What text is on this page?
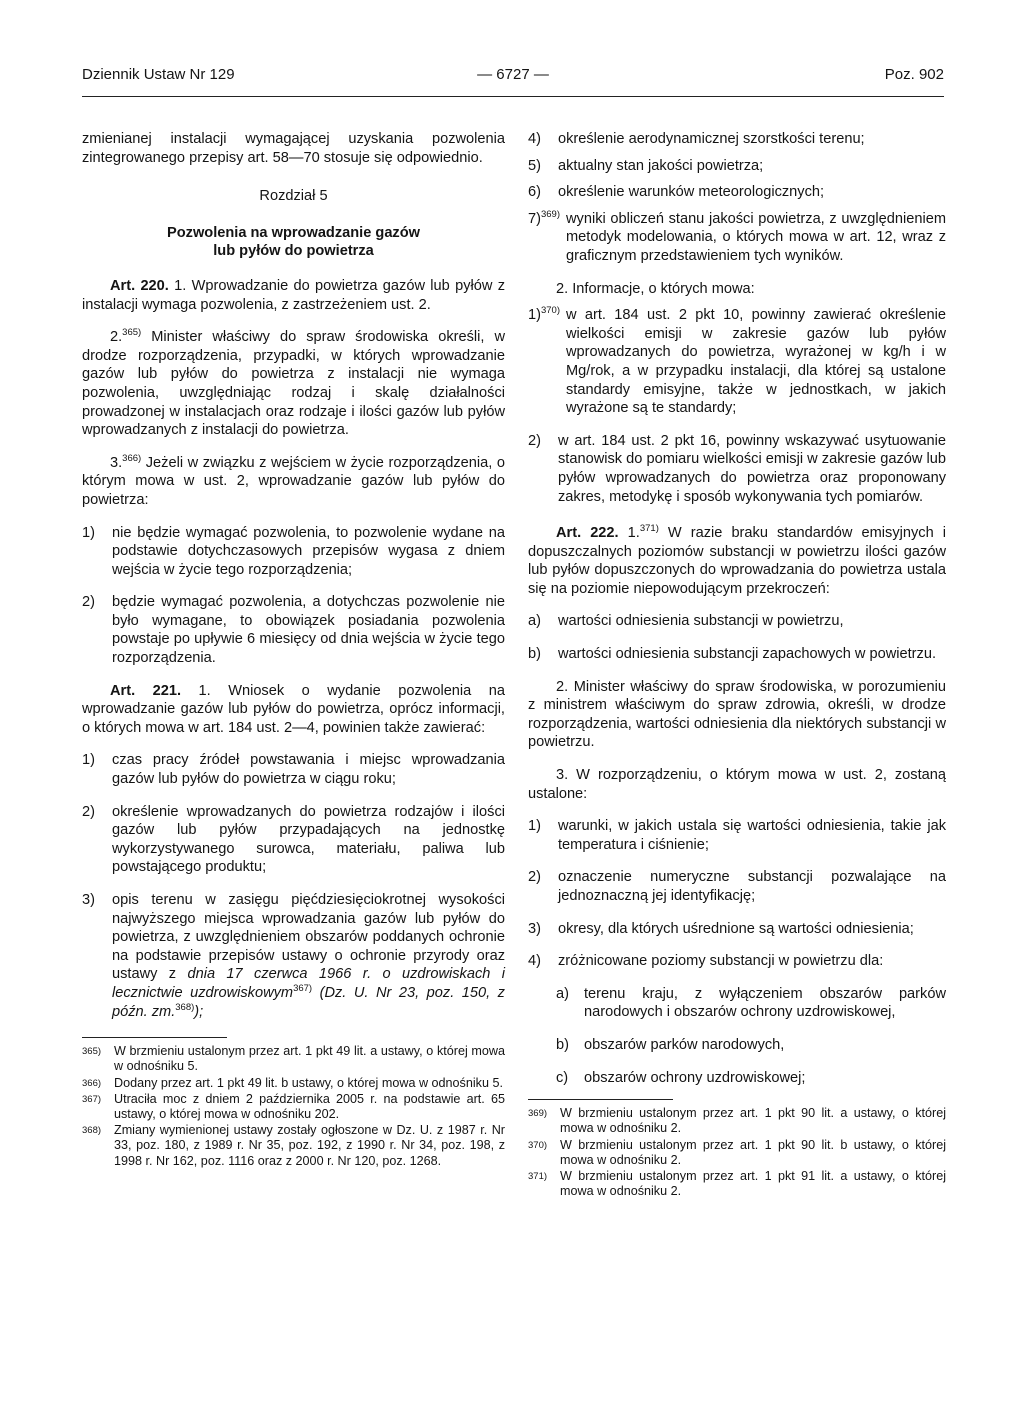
Dziennik Ustaw Nr 129	— 6727 —	Poz. 902

zmienianej instalacji wymagającej uzyskania pozwolenia zintegrowanego przepisy art. 58—70 stosuje się odpowiednio.

Rozdział 5

Pozwolenia na wprowadzanie gazów

lub pyłów do powietrza

Art. 220. 1. Wprowadzanie do powietrza gazów lub pyłów z instalacji wymaga pozwolenia, z zastrzeżeniem ust. 2.

2.$^{365)}$ Minister właściwy do spraw środowiska określi, w drodze rozporządzenia, przypadki, w których wprowadzanie gazów lub pyłów do powietrza z instalacji nie wymaga pozwolenia, uwzględniając rodzaj i skalę działalności prowadzonej w instalacjach oraz rodzaje i ilości gazów lub pyłów wprowadzanych z instalacji do powietrza.

3.$^{366)}$ Jeżeli w związku z wejściem w życie rozporządzenia, o którym mowa w ust. 2, wprowadzanie gazów lub pyłów do powietrza:

1)	nie będzie wymagać pozwolenia, to pozwolenie wydane na podstawie dotychczasowych przepisów wygasa z dniem wejścia w życie tego rozporządzenia;
2)	będzie wymagać pozwolenia, a dotychczas pozwolenie nie było wymagane, to obowiązek posiadania pozwolenia powstaje po upływie 6 miesięcy od dnia wejścia w życie tego rozporządzenia.

Art. 221. 1. Wniosek o wydanie pozwolenia na wprowadzanie gazów lub pyłów do powietrza, oprócz informacji, o których mowa w art. 184 ust. 2—4, powinien także zawierać:

1)	czas pracy źródeł powstawania i miejsc wprowadzania gazów lub pyłów do powietrza w ciągu roku;
2)	określenie wprowadzanych do powietrza rodzajów i ilości gazów lub pyłów przypadających na jednostkę wykorzystywanego surowca, materiału, paliwa lub powstającego produktu;
3)	opis terenu w zasięgu pięćdziesięciokrotnej wysokości najwyższego miejsca wprowadzania gazów lub pyłów do powietrza, z uwzględnieniem obszarów poddanych ochronie na podstawie przepisów ustawy o ochronie przyrody oraz ustawy z dnia 17 czerwca 1966 r. o uzdrowiskach i lecznictwie uzdrowiskowym$^{367)}$ (Dz. U. Nr 23, poz. 150, z późn. zm.$^{368)}$);
365)	W brzmieniu ustalonym przez art. 1 pkt 49 lit. a ustawy, o której mowa w odnośniku 5.
366)	Dodany przez art. 1 pkt 49 lit. b ustawy, o której mowa w odnośniku 5.
367)	Utraciła moc z dniem 2 października 2005 r. na podstawie art. 65 ustawy, o której mowa w odnośniku 202.
368)	Zmiany wymienionej ustawy zostały ogłoszone w Dz. U. z 1987 r. Nr 33, poz. 180, z 1989 r. Nr 35, poz. 192, z 1990 r. Nr 34, poz. 198, z 1998 r. Nr 162, poz. 1116 oraz z 2000 r. Nr 120, poz. 1268.
4)	określenie aerodynamicznej szorstkości terenu;
5)	aktualny stan jakości powietrza;
6)	określenie warunków meteorologicznych;
7)$^{369)}$ wyniki obliczeń stanu jakości powietrza, z uwzględnieniem metodyk modelowania, o których mowa w art. 12, wraz z graficznym przedstawieniem tych wyników.

2. Informacje, o których mowa:

1)$^{370)}$ w art. 184 ust. 2 pkt 10, powinny zawierać określenie wielkości emisji w zakresie gazów lub pyłów wprowadzanych do powietrza, wyrażonej w kg/h i w Mg/rok, a w przypadku instalacji, dla której są ustalone standardy emisyjne, także w jednostkach, w jakich wyrażone są te standardy;
2)	w art. 184 ust. 2 pkt 16, powinny wskazywać usytuowanie stanowisk do pomiaru wielkości emisji w zakresie gazów lub pyłów wprowadzanych do powietrza oraz proponowany zakres, metodykę i sposób wykonywania tych pomiarów.

Art. 222. 1.$^{371)}$ W razie braku standardów emisyjnych i dopuszczalnych poziomów substancji w powietrzu ilości gazów lub pyłów dopuszczonych do wprowadzania do powietrza ustala się na poziomie niepowodującym przekroczeń:

a)	wartości odniesienia substancji w powietrzu,
b)	wartości odniesienia substancji zapachowych w powietrzu.

2. Minister właściwy do spraw środowiska, w porozumieniu z ministrem właściwym do spraw zdrowia, określi, w drodze rozporządzenia, wartości odniesienia dla niektórych substancji w powietrzu.

3. W rozporządzeniu, o którym mowa w ust. 2, zostaną ustalone:

1)	warunki, w jakich ustala się wartości odniesienia, takie jak temperatura i ciśnienie;
2)	oznaczenie numeryczne substancji pozwalające na jednoznaczną jej identyfikację;
3)	okresy, dla których uśrednione są wartości odniesienia;
4)	zróżnicowane poziomy substancji w powietrzu dla:
a)	terenu kraju, z wyłączeniem obszarów parków narodowych i obszarów ochrony uzdrowiskowej,
b)	obszarów parków narodowych,
c)	obszarów ochrony uzdrowiskowej;
369)	W brzmieniu ustalonym przez art. 1 pkt 90 lit. a ustawy, o której mowa w odnośniku 2.
370)	W brzmieniu ustalonym przez art. 1 pkt 90 lit. b ustawy, o której mowa w odnośniku 2.
371)	W brzmieniu ustalonym przez art. 1 pkt 91 lit. a ustawy, o której mowa w odnośniku 2.
